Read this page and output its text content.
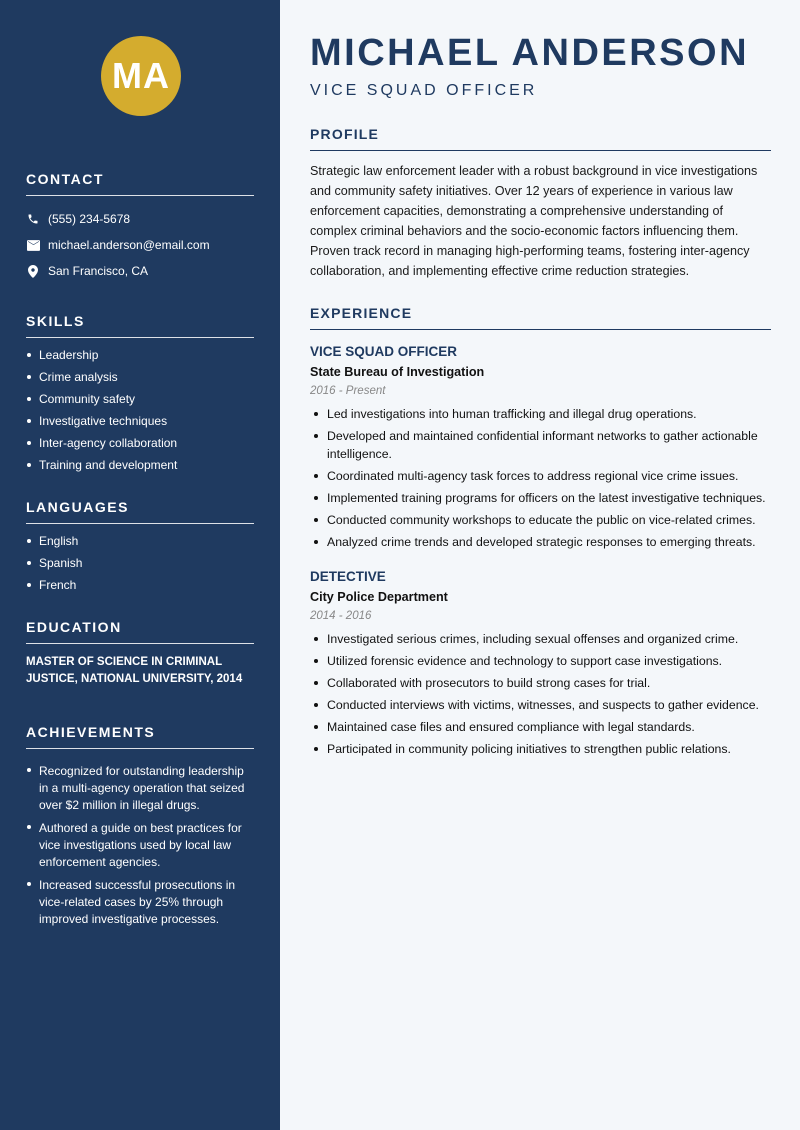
MA
CONTACT
(555) 234-5678
michael.anderson@email.com
San Francisco, CA
SKILLS
Leadership
Crime analysis
Community safety
Investigative techniques
Inter-agency collaboration
Training and development
LANGUAGES
English
Spanish
French
EDUCATION
MASTER OF SCIENCE IN CRIMINAL JUSTICE, NATIONAL UNIVERSITY, 2014
ACHIEVEMENTS
Recognized for outstanding leadership in a multi-agency operation that seized over $2 million in illegal drugs.
Authored a guide on best practices for vice investigations used by local law enforcement agencies.
Increased successful prosecutions in vice-related cases by 25% through improved investigative processes.
MICHAEL ANDERSON
VICE SQUAD OFFICER
PROFILE

Strategic law enforcement leader with a robust background in vice investigations and community safety initiatives. Over 12 years of experience in various law enforcement capacities, demonstrating a comprehensive understanding of complex criminal behaviors and the socio-economic factors influencing them. Proven track record in managing high-performing teams, fostering inter-agency collaboration, and implementing effective crime reduction strategies.

EXPERIENCE
VICE SQUAD OFFICER
State Bureau of Investigation
2016 - Present
Led investigations into human trafficking and illegal drug operations.
Developed and maintained confidential informant networks to gather actionable intelligence.
Coordinated multi-agency task forces to address regional vice crime issues.
Implemented training programs for officers on the latest investigative techniques.
Conducted community workshops to educate the public on vice-related crimes.
Analyzed crime trends and developed strategic responses to emerging threats.
DETECTIVE
City Police Department
2014 - 2016
Investigated serious crimes, including sexual offenses and organized crime.
Utilized forensic evidence and technology to support case investigations.
Collaborated with prosecutors to build strong cases for trial.
Conducted interviews with victims, witnesses, and suspects to gather evidence.
Maintained case files and ensured compliance with legal standards.
Participated in community policing initiatives to strengthen public relations.
